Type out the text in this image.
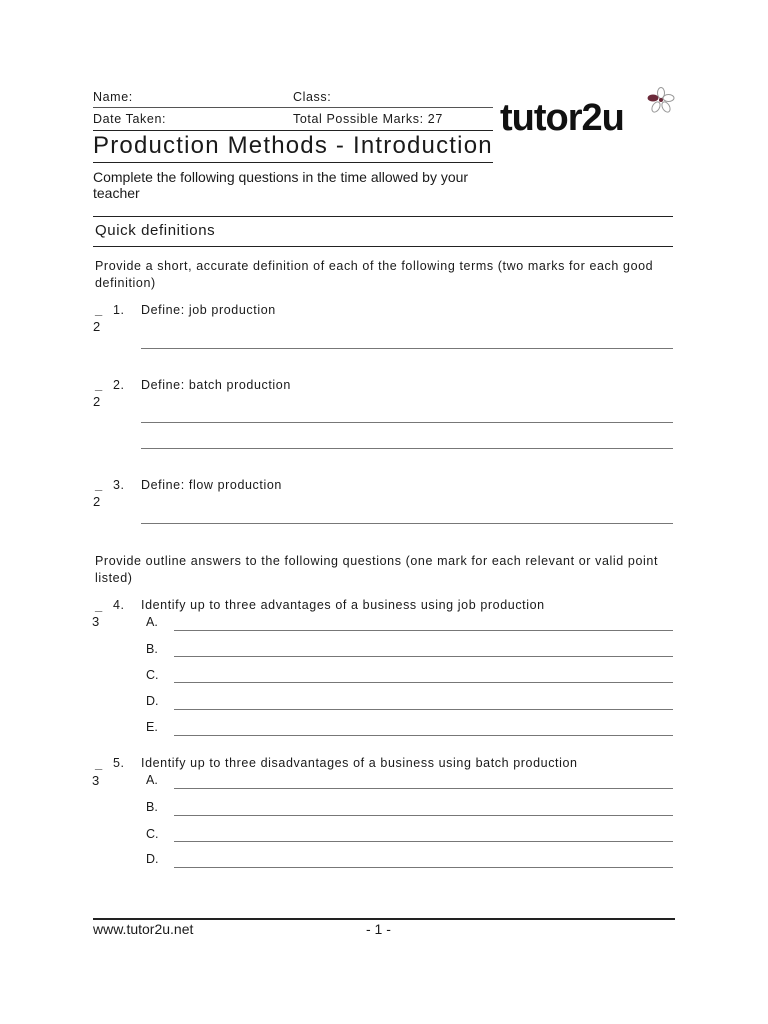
Name:	Class:
Date Taken:	Total Possible Marks: 27
Production Methods - Introduction
Complete the following questions in the time allowed by your teacher
tutor2u
Quick definitions
Provide a short, accurate definition of each of the following terms (two marks for each good definition)
_
2
1. Define: job production
_
2
2. Define: batch production
_
2
3. Define: flow production
Provide outline answers to the following questions (one mark for each relevant or valid point listed)
_
3
4. Identify up to three advantages of a business using job production
A.
B.
C.
D.
E.
_
3
5. Identify up to three disadvantages of a business using batch production
A.
B.
C.
D.
www.tutor2u.net	- 1 -
